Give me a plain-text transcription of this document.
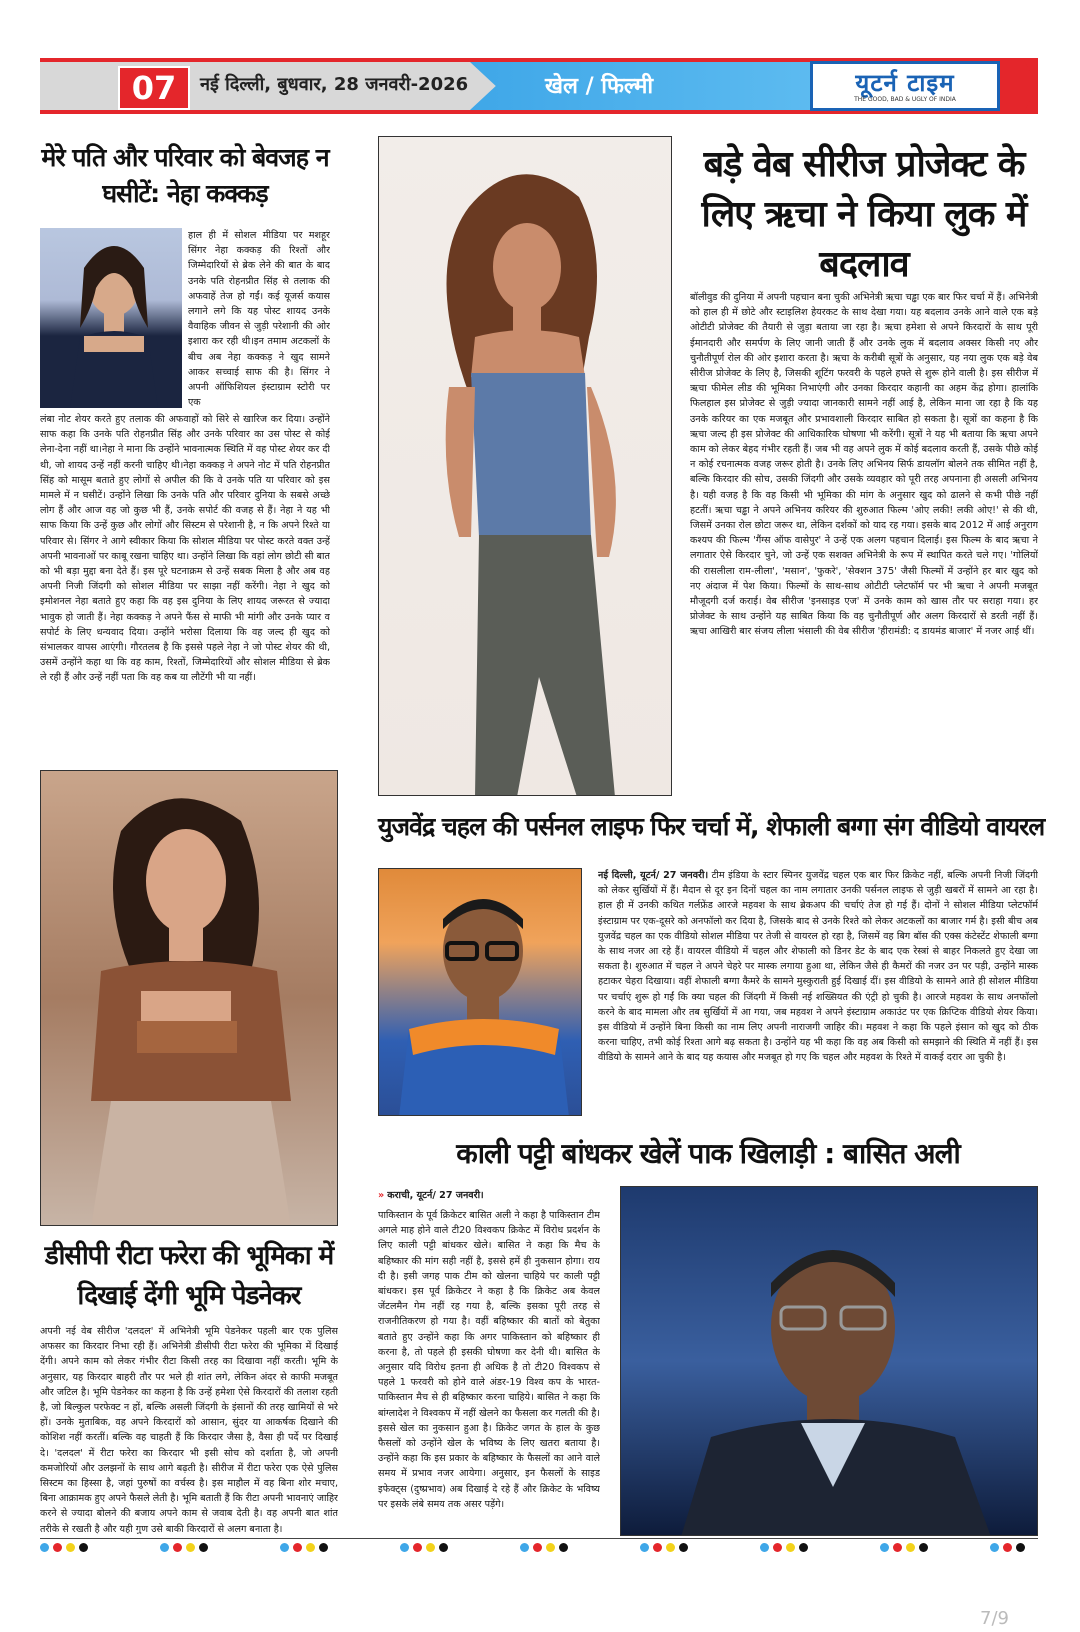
07	नई दिल्ली, बुधवार, 28 जनवरी-2026	खेल / फिल्मी	यूटर्न टाइम
THE GOOD, BAD & UGLY OF INDIA
मेरे पति और परिवार को बेवजह न घसीटें: नेहा कक्कड़
हाल ही में सोशल मीडिया पर मशहूर सिंगर नेहा कक्कड़ की रिश्तों और जिम्मेदारियों से ब्रेक लेने की बात के बाद उनके पति रोहनप्रीत सिंह से तलाक की अफवाहें तेज हो गईं। कई यूजर्स कयास लगाने लगे कि यह पोस्ट शायद उनके वैवाहिक जीवन से जुड़ी परेशानी की ओर इशारा कर रही थी।इन तमाम अटकलों के बीच अब नेहा कक्कड़ ने खुद सामने आकर सच्चाई साफ की है। सिंगर ने अपनी ऑफिशियल इंस्टाग्राम स्टोरी पर एक
लंबा नोट शेयर करते हुए तलाक की अफवाहों को सिरे से खारिज कर दिया। उन्होंने साफ कहा कि उनके पति रोहनप्रीत सिंह और उनके परिवार का उस पोस्ट से कोई लेना-देना नहीं था।नेहा ने माना कि उन्होंने भावनात्मक स्थिति में वह पोस्ट शेयर कर दी थी, जो शायद उन्हें नहीं करनी चाहिए थी।नेहा कक्कड़ ने अपने नोट में पति रोहनप्रीत सिंह को मासूम बताते हुए लोगों से अपील की कि वे उनके पति या परिवार को इस मामले में न घसीटें। उन्होंने लिखा कि उनके पति और परिवार दुनिया के सबसे अच्छे लोग हैं और आज वह जो कुछ भी हैं, उनके सपोर्ट की वजह से हैं। नेहा ने यह भी साफ किया कि उन्हें कुछ और लोगों और सिस्टम से परेशानी है, न कि अपने रिश्ते या परिवार से। सिंगर ने आगे स्वीकार किया कि सोशल मीडिया पर पोस्ट करते वक्त उन्हें अपनी भावनाओं पर काबू रखना चाहिए था। उन्होंने लिखा कि वहां लोग छोटी सी बात को भी बड़ा मुद्दा बना देते हैं। इस पूरे घटनाक्रम से उन्हें सबक मिला है और अब वह अपनी निजी जिंदगी को सोशल मीडिया पर साझा नहीं करेंगी। नेहा ने खुद को इमोशनल नेहा बताते हुए कहा कि वह इस दुनिया के लिए शायद जरूरत से ज्यादा भावुक हो जाती हैं। नेहा कक्कड़ ने अपने फैंस से माफी भी मांगी और उनके प्यार व सपोर्ट के लिए धन्यवाद दिया। उन्होंने भरोसा दिलाया कि वह जल्द ही खुद को संभालकर वापस आएंगी। गौरतलब है कि इससे पहले नेहा ने जो पोस्ट शेयर की थी, उसमें उन्होंने कहा था कि वह काम, रिश्तों, जिम्मेदारियों और सोशल मीडिया से ब्रेक ले रही हैं और उन्हें नहीं पता कि वह कब या लौटेंगी भी या नहीं।
बड़े वेब सीरीज प्रोजेक्ट के लिए ऋचा ने किया लुक में बदलाव
बॉलीवुड की दुनिया में अपनी पहचान बना चुकी अभिनेत्री ऋचा चड्ढा एक बार फिर चर्चा में हैं। अभिनेत्री को हाल ही में छोटे और स्टाइलिश हेयरकट के साथ देखा गया। यह बदलाव उनके आने वाले एक बड़े ओटीटी प्रोजेक्ट की तैयारी से जुड़ा बताया जा रहा है। ऋचा हमेशा से अपने किरदारों के साथ पूरी ईमानदारी और समर्पण के लिए जानी जाती हैं और उनके लुक में बदलाव अक्सर किसी नए और चुनौतीपूर्ण रोल की ओर इशारा करता है। ऋचा के करीबी सूत्रों के अनुसार, यह नया लुक एक बड़े वेब सीरीज प्रोजेक्ट के लिए है, जिसकी शूटिंग फरवरी के पहले हफ्ते से शुरू होने वाली है। इस सीरीज में ऋचा फीमेल लीड की भूमिका निभाएंगी और उनका किरदार कहानी का अहम केंद्र होगा। हालांकि फिलहाल इस प्रोजेक्ट से जुड़ी ज्यादा जानकारी सामने नहीं आई है, लेकिन माना जा रहा है कि यह उनके करियर का एक मजबूत और प्रभावशाली किरदार साबित हो सकता है। सूत्रों का कहना है कि ऋचा जल्द ही इस प्रोजेक्ट की आधिकारिक घोषणा भी करेंगी। सूत्रों ने यह भी बताया कि ऋचा अपने काम को लेकर बेहद गंभीर रहती हैं। जब भी वह अपने लुक में कोई बदलाव करती हैं, उसके पीछे कोई न कोई रचनात्मक वजह जरूर होती है। उनके लिए अभिनय सिर्फ डायलॉग बोलने तक सीमित नहीं है, बल्कि किरदार की सोच, उसकी जिंदगी और उसके व्यवहार को पूरी तरह अपनाना ही असली अभिनय है। यही वजह है कि वह किसी भी भूमिका की मांग के अनुसार खुद को ढालने से कभी पीछे नहीं हटतीं। ऋचा चड्ढा ने अपने अभिनय करियर की शुरुआत फिल्म 'ओए लकी! लकी ओए!' से की थी, जिसमें उनका रोल छोटा जरूर था, लेकिन दर्शकों को याद रह गया। इसके बाद 2012 में आई अनुराग कश्यप की फिल्म 'गैंग्स ऑफ वासेपुर' ने उन्हें एक अलग पहचान दिलाई। इस फिल्म के बाद ऋचा ने लगातार ऐसे किरदार चुने, जो उन्हें एक सशक्त अभिनेत्री के रूप में स्थापित करते चले गए। 'गोलियों की रासलीला राम-लीला', 'मसान', 'फुकरे', 'सेक्शन 375' जैसी फिल्मों में उन्होंने हर बार खुद को नए अंदाज में पेश किया। फिल्मों के साथ-साथ ओटीटी प्लेटफॉर्म पर भी ऋचा ने अपनी मजबूत मौजूदगी दर्ज कराई। वेब सीरीज 'इनसाइड एज' में उनके काम को खास तौर पर सराहा गया। हर प्रोजेक्ट के साथ उन्होंने यह साबित किया कि वह चुनौतीपूर्ण और अलग किरदारों से डरती नहीं हैं। ऋचा आखिरी बार संजय लीला भंसाली की वेब सीरीज 'हीरामंडी: द डायमंड बाजार' में नजर आई थीं।
डीसीपी रीटा फरेरा की भूमिका में दिखाई देंगी भूमि पेडनेकर
अपनी नई वेब सीरीज 'दलदल' में अभिनेत्री भूमि पेडनेकर पहली बार एक पुलिस अफसर का किरदार निभा रही हैं। अभिनेत्री डीसीपी रीटा फरेरा की भूमिका में दिखाई देंगी। अपने काम को लेकर गंभीर रीटा किसी तरह का दिखावा नहीं करती। भूमि के अनुसार, यह किरदार बाहरी तौर पर भले ही शांत लगे, लेकिन अंदर से काफी मजबूत और जटिल है। भूमि पेडनेकर का कहना है कि उन्हें हमेशा ऐसे किरदारों की तलाश रहती है, जो बिल्कुल परफेक्ट न हों, बल्कि असली जिंदगी के इंसानों की तरह खामियों से भरे हों। उनके मुताबिक, वह अपने किरदारों को आसान, सुंदर या आकर्षक दिखाने की कोशिश नहीं करतीं। बल्कि वह चाहती हैं कि किरदार जैसा है, वैसा ही पर्दे पर दिखाई दे। 'दलदल' में रीटा फरेरा का किरदार भी इसी सोच को दर्शाता है, जो अपनी कमजोरियों और उलझनों के साथ आगे बढ़ती है। सीरीज में रीटा फरेरा एक ऐसे पुलिस सिस्टम का हिस्सा है, जहां पुरुषों का वर्चस्व है। इस माहौल में वह बिना शोर मचाए, बिना आक्रामक हुए अपने फैसले लेती है। भूमि बताती हैं कि रीटा अपनी भावनाएं जाहिर करने से ज्यादा बोलने की बजाय अपने काम से जवाब देती है। वह अपनी बात शांत तरीके से रखती है और यही गुण उसे बाकी किरदारों से अलग बनाता है।
युजवेंद्र चहल की पर्सनल लाइफ फिर चर्चा में, शेफाली बग्गा संग वीडियो वायरल
नई दिल्ली, यूटर्न/ 27 जनवरी। टीम इंडिया के स्टार स्पिनर युजवेंद्र चहल एक बार फिर क्रिकेट नहीं, बल्कि अपनी निजी जिंदगी को लेकर सुर्खियों में हैं। मैदान से दूर इन दिनों चहल का नाम लगातार उनकी पर्सनल लाइफ से जुड़ी खबरों में सामने आ रहा है। हाल ही में उनकी कथित गर्लफ्रेंड आरजे महवश के साथ ब्रेकअप की चर्चाएं तेज हो गई हैं। दोनों ने सोशल मीडिया प्लेटफॉर्म इंस्टाग्राम पर एक-दूसरे को अनफॉलो कर दिया है, जिसके बाद से उनके रिश्ते को लेकर अटकलों का बाजार गर्म है। इसी बीच अब युजवेंद्र चहल का एक वीडियो सोशल मीडिया पर तेजी से वायरल हो रहा है, जिसमें वह बिग बॉस की एक्स कंटेस्टेंट शेफाली बग्गा के साथ नजर आ रहे हैं। वायरल वीडियो में चहल और शेफाली को डिनर डेट के बाद एक रेस्त्रां से बाहर निकलते हुए देखा जा सकता है। शुरुआत में चहल ने अपने चेहरे पर मास्क लगाया हुआ था, लेकिन जैसे ही कैमरों की नजर उन पर पड़ी, उन्होंने मास्क हटाकर चेहरा दिखाया। वहीं शेफाली बग्गा कैमरे के सामने मुस्कुराती हुई दिखाई दीं। इस वीडियो के सामने आते ही सोशल मीडिया पर चर्चाएं शुरू हो गईं कि क्या चहल की जिंदगी में किसी नई शख्सियत की एंट्री हो चुकी है। आरजे महवश के साथ अनफॉलो करने के बाद मामला और तब सुर्खियों में आ गया, जब महवश ने अपने इंस्टाग्राम अकाउंट पर एक क्रिप्टिक वीडियो शेयर किया। इस वीडियो में उन्होंने बिना किसी का नाम लिए अपनी नाराजगी जाहिर की। महवश ने कहा कि पहले इंसान को खुद को ठीक करना चाहिए, तभी कोई रिश्ता आगे बढ़ सकता है। उन्होंने यह भी कहा कि वह अब किसी को समझाने की स्थिति में नहीं हैं। इस वीडियो के सामने आने के बाद यह कयास और मजबूत हो गए कि चहल और महवश के रिश्ते में वाकई दरार आ चुकी है।
काली पट्टी बांधकर खेलें पाक खिलाड़ी : बासित अली
» कराची, यूटर्न/ 27 जनवरी।
पाकिस्तान के पूर्व क्रिकेटर बासित अली ने कहा है पाकिस्तान टीम अगले माह होने वाले टी20 विश्वकप क्रिकेट में विरोध प्रदर्शन के लिए काली पट्टी बांधकर खेले। बासित ने कहा कि मैच के बहिष्कार की मांग सही नहीं है, इससे हमें ही नुकसान होगा। राय दी है। इसी जगह पाक टीम को खेलना चाहिये पर काली पट्टी बांधकर। इस पूर्व क्रिकेटर ने कहा है कि क्रिकेट अब केवल जेंटलमैन गेम नहीं रह गया है, बल्कि इसका पूरी तरह से राजनीतिकरण हो गया है। वहीं बहिष्कार की बातों को बेतुका बताते हुए उन्होंने कहा कि अगर पाकिस्तान को बहिष्कार ही करना है, तो पहले ही इसकी घोषणा कर देनी थी। बासित के अनुसार यदि विरोध इतना ही अधिक है तो टी20 विश्वकप से पहले 1 फरवरी को होने वाले अंडर-19 विश्व कप के भारत-पाकिस्तान मैच से ही बहिष्कार करना चाहिये। बासित ने कहा कि बांग्लादेश ने विश्वकप में नहीं खेलने का फैसला कर गलती की है। इससे खेल का नुकसान हुआ है। क्रिकेट जगत के हाल के कुछ फैसलों को उन्होंने खेल के भविष्य के लिए खतरा बताया है। उन्होंने कहा कि इस प्रकार के बहिष्कार के फैसलों का आने वाले समय में प्रभाव नजर आयेगा। अनुसार, इन फैसलों के साइड इफेक्ट्स (दुष्प्रभाव) अब दिखाई दे रहे हैं और क्रिकेट के भविष्य पर इसके लंबे समय तक असर पड़ेंगे।
7/9
